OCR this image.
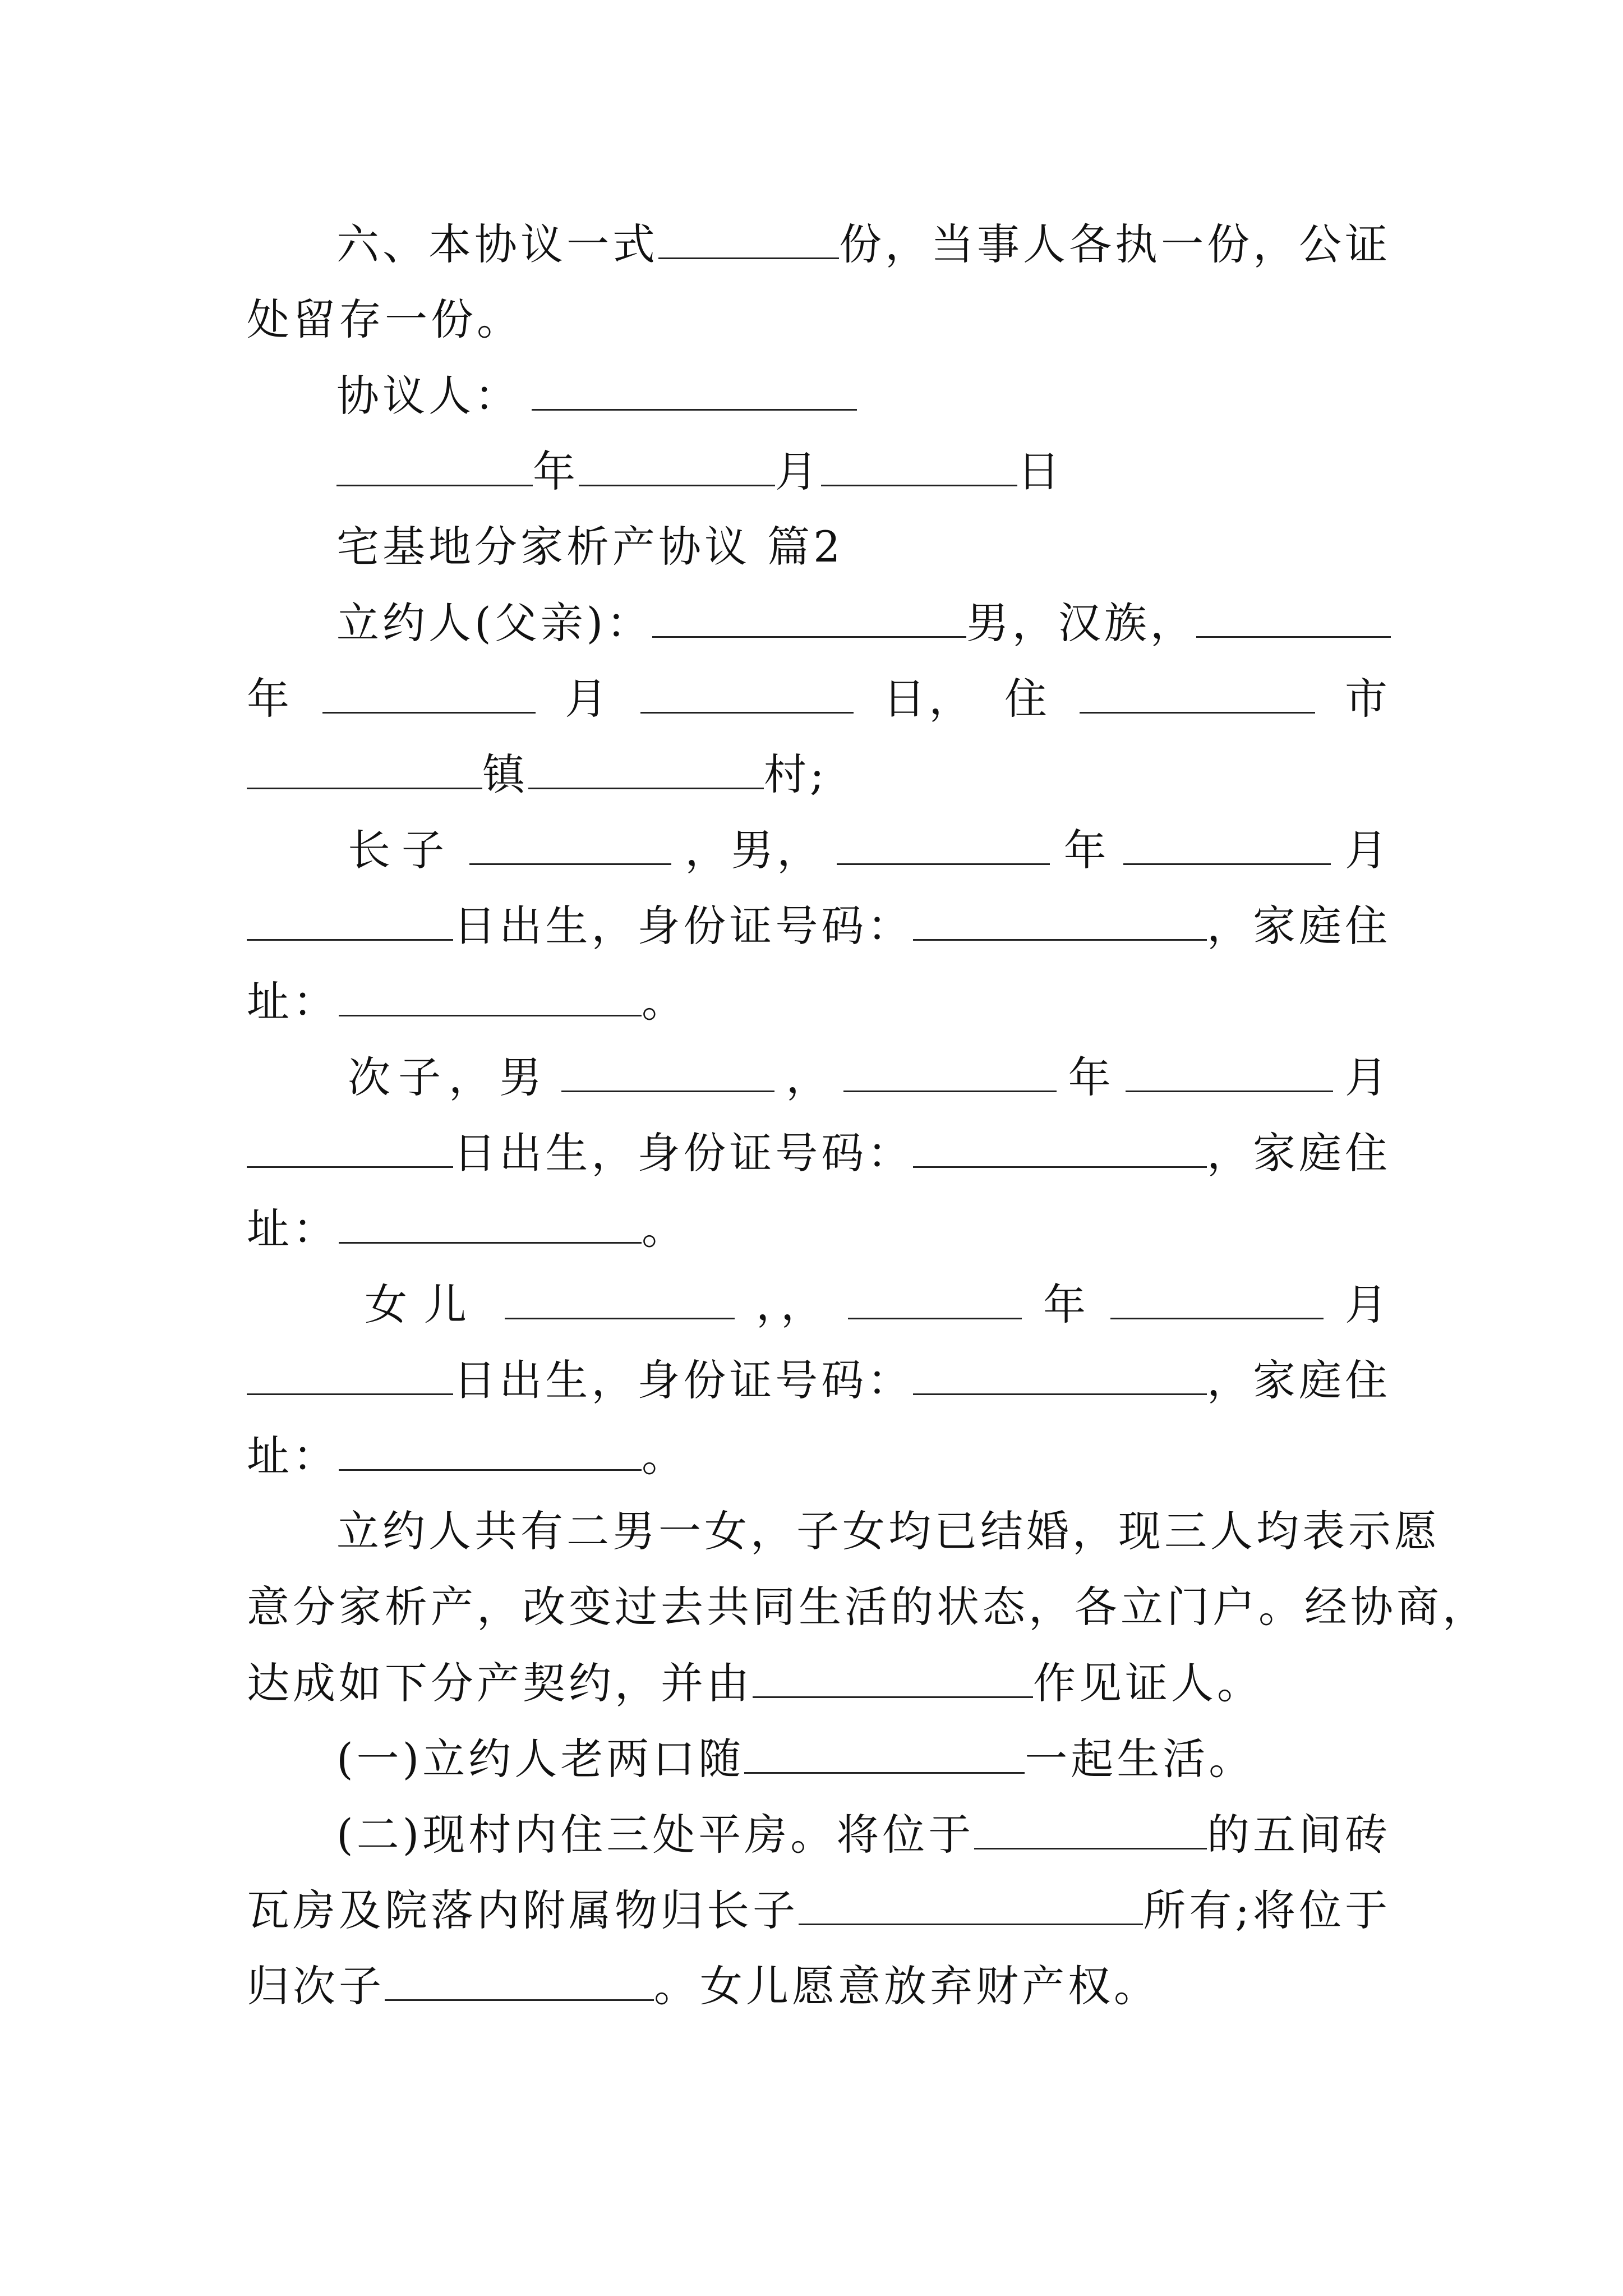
六、本协议一式	份，当事人各执一份，公证
处留存一份。
协议人：
年	月	日
宅基地分家析产协议 篇2
立约人(父亲)：	男，汉族，
年	月	日， 住	市
镇	村;
长子	，男，	年	月
日出生，身份证号码：	，家庭住
址：	。
次子，男	，	年	月
日出生，身份证号码：	，家庭住
址：	。
女儿	，，	年	月
日出生，身份证号码：	，家庭住
址：	。
立约人共有二男一女，子女均已结婚，现三人均表示愿
意分家析产，改变过去共同生活的状态，各立门户。经协商，
达成如下分产契约，并由	作见证人。
(一)立约人老两口随	一起生活。
(二)现村内住三处平房。将位于	的五间砖
瓦房及院落内附属物归长子	所有;将位于
归次子	。女儿愿意放弃财产权。
